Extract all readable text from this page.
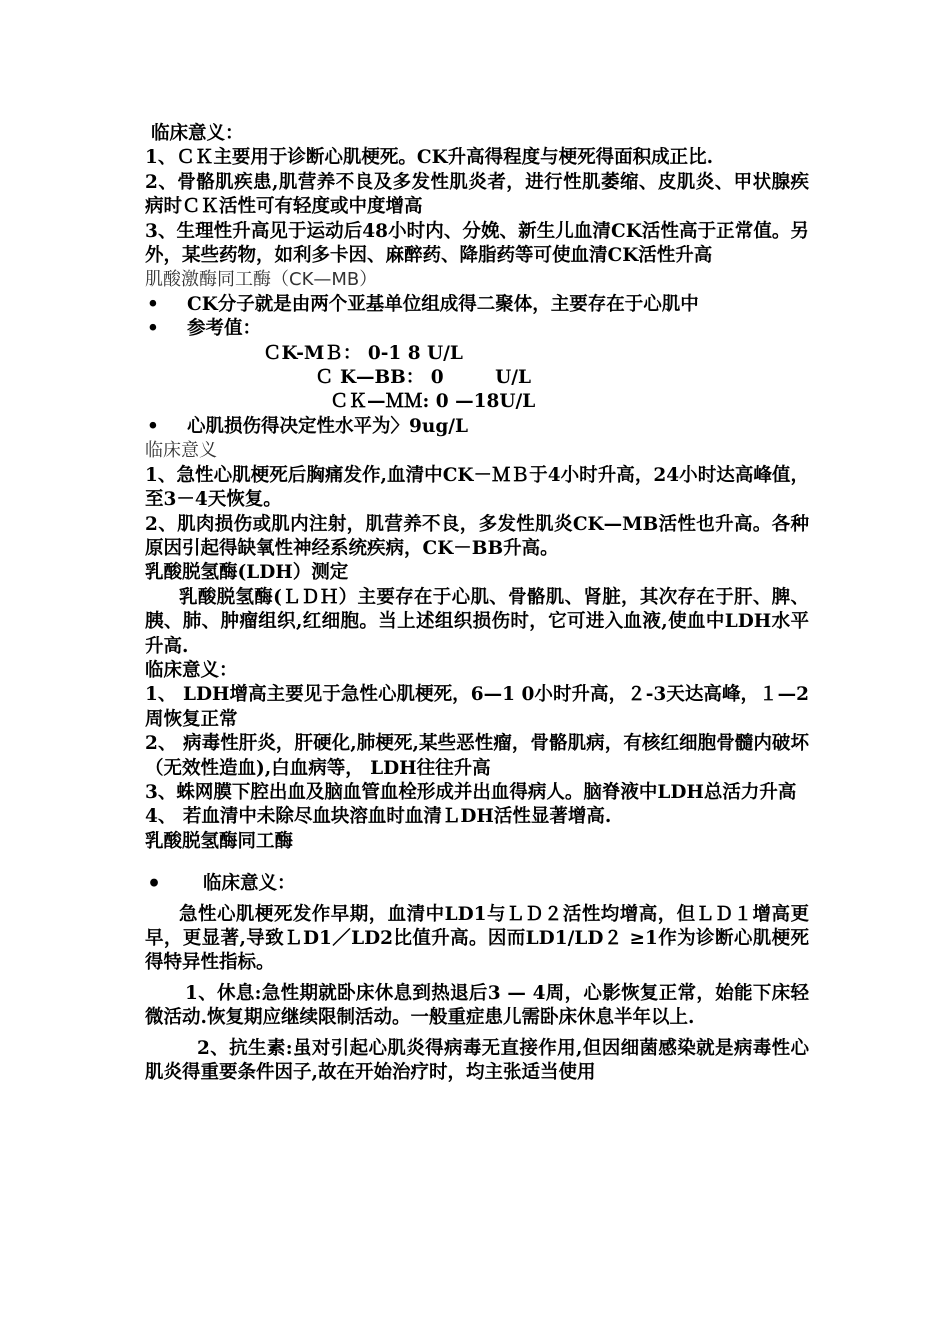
临床意义：

1、ＣＫ主要用于诊断心肌梗死。CK升高得程度与梗死得面积成正比.

2、骨骼肌疾患,肌营养不良及多发性肌炎者，进行性肌萎缩、皮肌炎、甲状腺疾病时ＣＫ活性可有轻度或中度增高

3、生理性升高见于运动后48小时内、分娩、新生儿血清CK活性高于正常值。另外，某些药物，如利多卡因、麻醉药、降脂药等可使血清CK活性升高

肌酸激酶同工酶（CK—MB）

•	CK分子就是由两个亚基单位组成得二聚体，主要存在于心肌中
•	参考值：

ＣK-MＢ： 0-1 8 U/L

Ｃ K—BB： 0        U/L

ＣＫ—ＭＭ: 0 —18U/L

•	心肌损伤得决定性水平为〉9ug/L

临床意义

1、急性心肌梗死后胸痛发作,血清中CK－ＭＢ于4小时升高，24小时达高峰值，至3－4天恢复。

2、肌肉损伤或肌内注射，肌营养不良，多发性肌炎CK—MB活性也升高。各种原因引起得缺氧性神经系统疾病，CK－BB升高。

乳酸脱氢酶(LDH）测定

乳酸脱氢酶(ＬＤＨ）主要存在于心肌、骨骼肌、肾脏，其次存在于肝、脾、胰、肺、肿瘤组织,红细胞。当上述组织损伤时，它可进入血液,使血中LDH水平升高.

临床意义：

1、 LDH增高主要见于急性心肌梗死，6—1 0小时升高，２-3天达高峰，１—2周恢复正常

2、 病毒性肝炎，肝硬化,肺梗死,某些恶性瘤，骨骼肌病，有核红细胞骨髓内破坏（无效性造血),白血病等， LDH往往升高

3、蛛网膜下腔出血及脑血管血栓形成并出血得病人。脑脊液中LDH总活力升高

4、 若血清中未除尽血块溶血时血清ＬDH活性显著增高.

乳酸脱氢酶同工酶

•	临床意义：

急性心肌梗死发作早期，血清中LD1与ＬＤ２活性均增高，但ＬＤ１增高更早，更显著,导致ＬD1／LD2比值升高。因而LD1/LD２ ≥1作为诊断心肌梗死得特异性指标。

1、休息:急性期就卧床休息到热退后3 — 4周，心影恢复正常，始能下床轻微活动.恢复期应继续限制活动。一般重症患儿需卧床休息半年以上.

2、抗生素:虽对引起心肌炎得病毒无直接作用,但因细菌感染就是病毒性心肌炎得重要条件因子,故在开始治疗时，均主张适当使用
